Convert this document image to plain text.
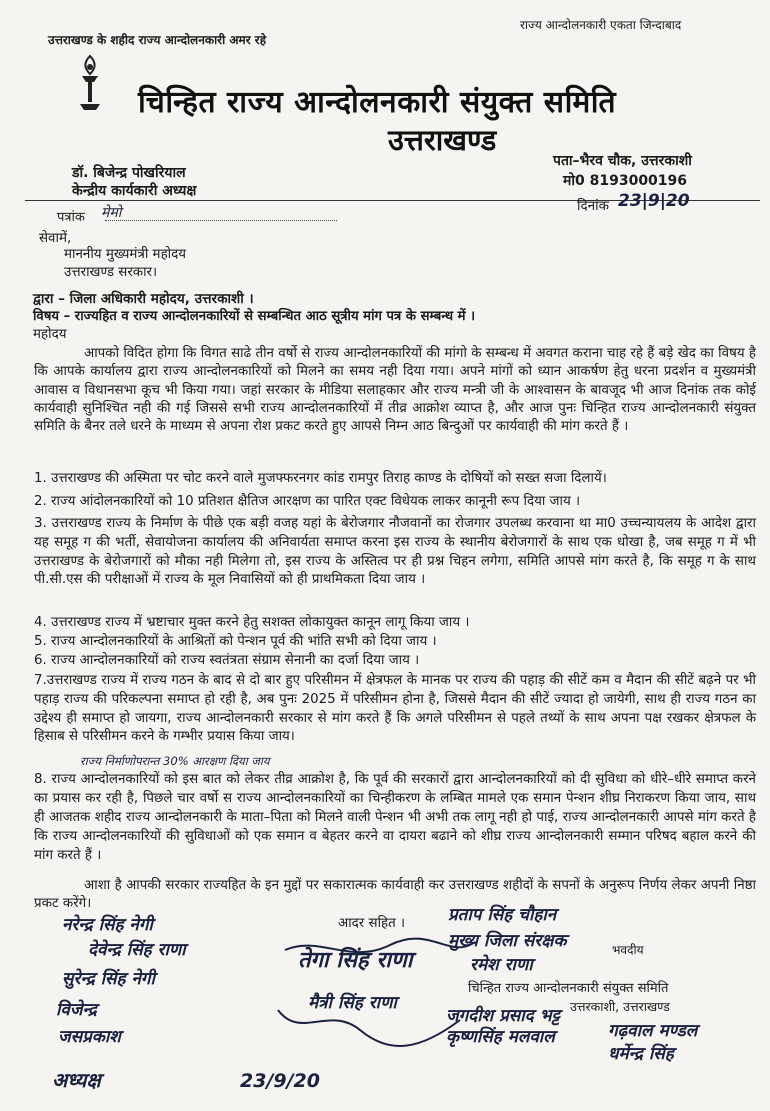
उत्तराखण्ड के शहीद राज्य आन्दोलनकारी अमर रहे
राज्य आन्दोलनकारी एकता जिन्दाबाद
चिन्हित राज्य आन्दोलनकारी संयुक्त समिति
उत्तराखण्ड
डॉ. बिजेन्द्र पोखरियाल
केन्द्रीय कार्यकारी अध्यक्ष
पता–भैरव चौक, उत्तरकाशी
मो0 8193000196
पत्रांक मेमो	दिनांक 23|9|20
सेवामें,
माननीय मुख्यमंत्री महोदय
उत्तराखण्ड सरकार।
द्वारा – जिला अधिकारी महोदय, उत्तरकाशी ।
विषय – राज्यहित व राज्य आन्दोलनकारियों से सम्बन्धित आठ सूत्रीय मांग पत्र के सम्बन्ध में ।
महोदय
आपको विदित होगा कि विगत साढे तीन वर्षो से राज्य आन्दोलनकारियों की मांगो के सम्बन्ध में अवगत कराना चाह रहे हैं बड़े खेद का विषय है कि आपके कार्यालय द्वारा राज्य आन्दोलनकारियों को मिलने का समय नही दिया गया। अपने मांगों को ध्यान आकर्षण हेतु धरना प्रदर्शन व मुख्यमंत्री आवास व विधानसभा कूच भी किया गया। जहां सरकार के मीडिया सलाहकार और राज्य मन्त्री जी के आश्वासन के बावजूद भी आज दिनांक तक कोई कार्यवाही सुनिश्चित नही की गई जिससे सभी राज्य आन्दोलनकारियों में तीव्र आक्रोश व्याप्त है, और आज पुनः चिन्हित राज्य आन्दोलनकारी संयुक्त समिति के बैनर तले धरने के माध्यम से अपना रोश प्रकट करते हुए आपसे निम्न आठ बिन्दुओं पर कार्यवाही की मांग करते हैं ।
1. उत्तराखण्ड की अस्मिता पर चोट करने वाले मुजफ्फरनगर कांड रामपुर तिराह काण्ड के दोषियों को सख्त सजा दिलायें।
2. राज्य आंदोलनकारियों को 10 प्रतिशत क्षैतिज आरक्षण का पारित एक्ट विधेयक लाकर कानूनी रूप दिया जाय ।
3. उत्तराखण्ड राज्य के निर्माण के पीछे एक बड़ी वजह यहां के बेरोजगार नौजवानों का रोजगार उपलब्ध करवाना था मा0 उच्चन्यायलय के आदेश द्वारा यह समूह ग की भर्ती, सेवायोजना कार्यालय की अनिवार्यता समाप्त करना इस राज्य के स्थानीय बेरोजगारों के साथ एक धोखा है, जब समूह ग में भी उत्तराखण्ड के बेरोजगारों को मौका नही मिलेगा तो, इस राज्य के अस्तित्व पर ही प्रश्न चिहन लगेगा, समिति आपसे मांग करते है, कि समूह ग के साथ पी.सी.एस की परीक्षाओं में राज्य के मूल निवासियों को ही प्राथमिकता दिया जाय ।
4. उत्तराखण्ड राज्य में भ्रष्टाचार मुक्त करने हेतु सशक्त लोकायुक्त कानून लागू किया जाय ।
5. राज्य आन्दोलनकारियों के आश्रितों को पेन्शन पूर्व की भांति सभी को दिया जाय ।
6. राज्य आन्दोलनकारियों को राज्य स्वतंत्रता संग्राम सेनानी का दर्जा दिया जाय ।
7.उत्तराखण्ड राज्य में राज्य गठन के बाद से दो बार हुए परिसीमन में क्षेत्रफल के मानक पर राज्य की पहाड़ की सीटें कम व मैदान की सीटें बढ़ने पर भी पहाड़ राज्य की परिकल्पना समाप्त हो रही है, अब पुनः 2025 में परिसीमन होना है, जिससे मैदान की सीटें ज्यादा हो जायेगी, साथ ही राज्य गठन का उद्देश्य ही समाप्त हो जायगा, राज्य आन्दोलनकारी सरकार से मांग करते हैं कि अगले परिसीमन से पहले तथ्यों के साथ अपना पक्ष रखकर क्षेत्रफल के हिसाब से परिसीमन करने के गम्भीर प्रयास किया जाय।
राज्य निर्माणोपरान्त 30% आरक्षण दिया जाय
8. राज्य आन्दोलनकारियों को इस बात को लेकर तीव्र आक्रोश है, कि पूर्व की सरकारों द्वारा आन्दोलनकारियों को दी सुविधा को धीरे–धीरे समाप्त करने का प्रयास कर रही है, पिछले चार वर्षो स राज्य आन्दोलनकारियों का चिन्हीकरण के लम्बित मामले एक समान पेन्शन शीघ्र निराकरण किया जाय, साथ ही आजतक शहीद राज्य आन्दोलनकारी के माता–पिता को मिलने वाली पेन्शन भी अभी तक लागू नही हो पाई, राज्य आन्दोलनकारी आपसे मांग करते है कि राज्य आन्दोलनकारियों की सुविधाओं को एक समान व बेहतर करने वा दायरा बढाने को शीघ्र राज्य आन्दोलनकारी सम्मान परिषद बहाल करने की मांग करते हैं ।
आशा है आपकी सरकार राज्यहित के इन मुद्दों पर सकारात्मक कार्यवाही कर उत्तराखण्ड शहीदों के सपनों के अनुरूप निर्णय लेकर अपनी निष्ठा प्रकट करेंगे।
आदर सहित ।
भवदीय
चिन्हित राज्य आन्दोलनकारी संयुक्त समिति
उत्तरकाशी, उत्तराखण्ड
प्रताप सिंह चौहान
मुख्य जिला संरक्षक
नरेन्द्र सिंह नेगी
देवेन्द्र सिंह राणा	तेगा सिंह राणा	रमेश राणा
सुरेन्द्र सिंह नेगी
विजेन्द्र
जसप्रकाश
मैत्री सिंह राणा
जगदीश प्रसाद भट्ट
कृष्णसिंह मलवाल	गढ़वाल मण्डल
धर्मेन्द्र सिंह
अध्यक्ष	23/9/20
